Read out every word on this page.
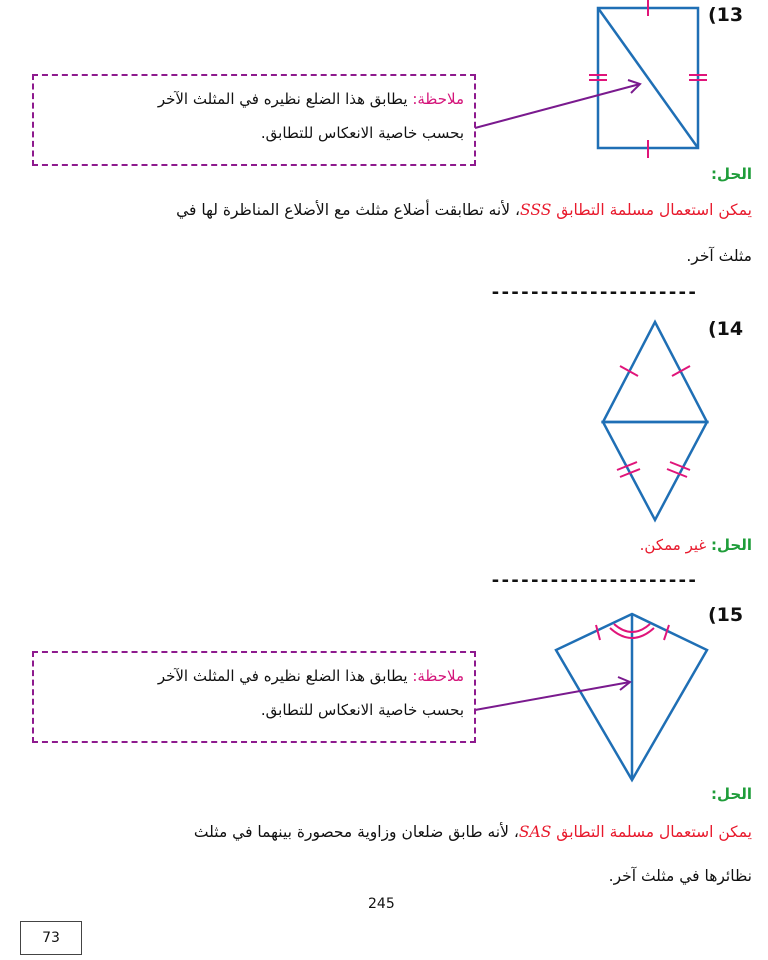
(13
ملاحظة: يطابق هذا الضلع نظيره في المثلث الآخر
بحسب خاصية الانعكاس للتطابق.
الحل:
يمكن استعمال مسلمة التطابق SSS، لأنه تطابقت أضلاع مثلث مع الأضلاع المناظرة لها في
مثلث آخر.
---------------------
(14
الحل: غير ممكن.
---------------------
(15
ملاحظة: يطابق هذا الضلع نظيره في المثلث الآخر
بحسب خاصية الانعكاس للتطابق.
الحل:
يمكن استعمال مسلمة التطابق SAS، لأنه طابق ضلعان وزاوية محصورة بينهما في مثلث
نظائرها في مثلث آخر.
245
73
